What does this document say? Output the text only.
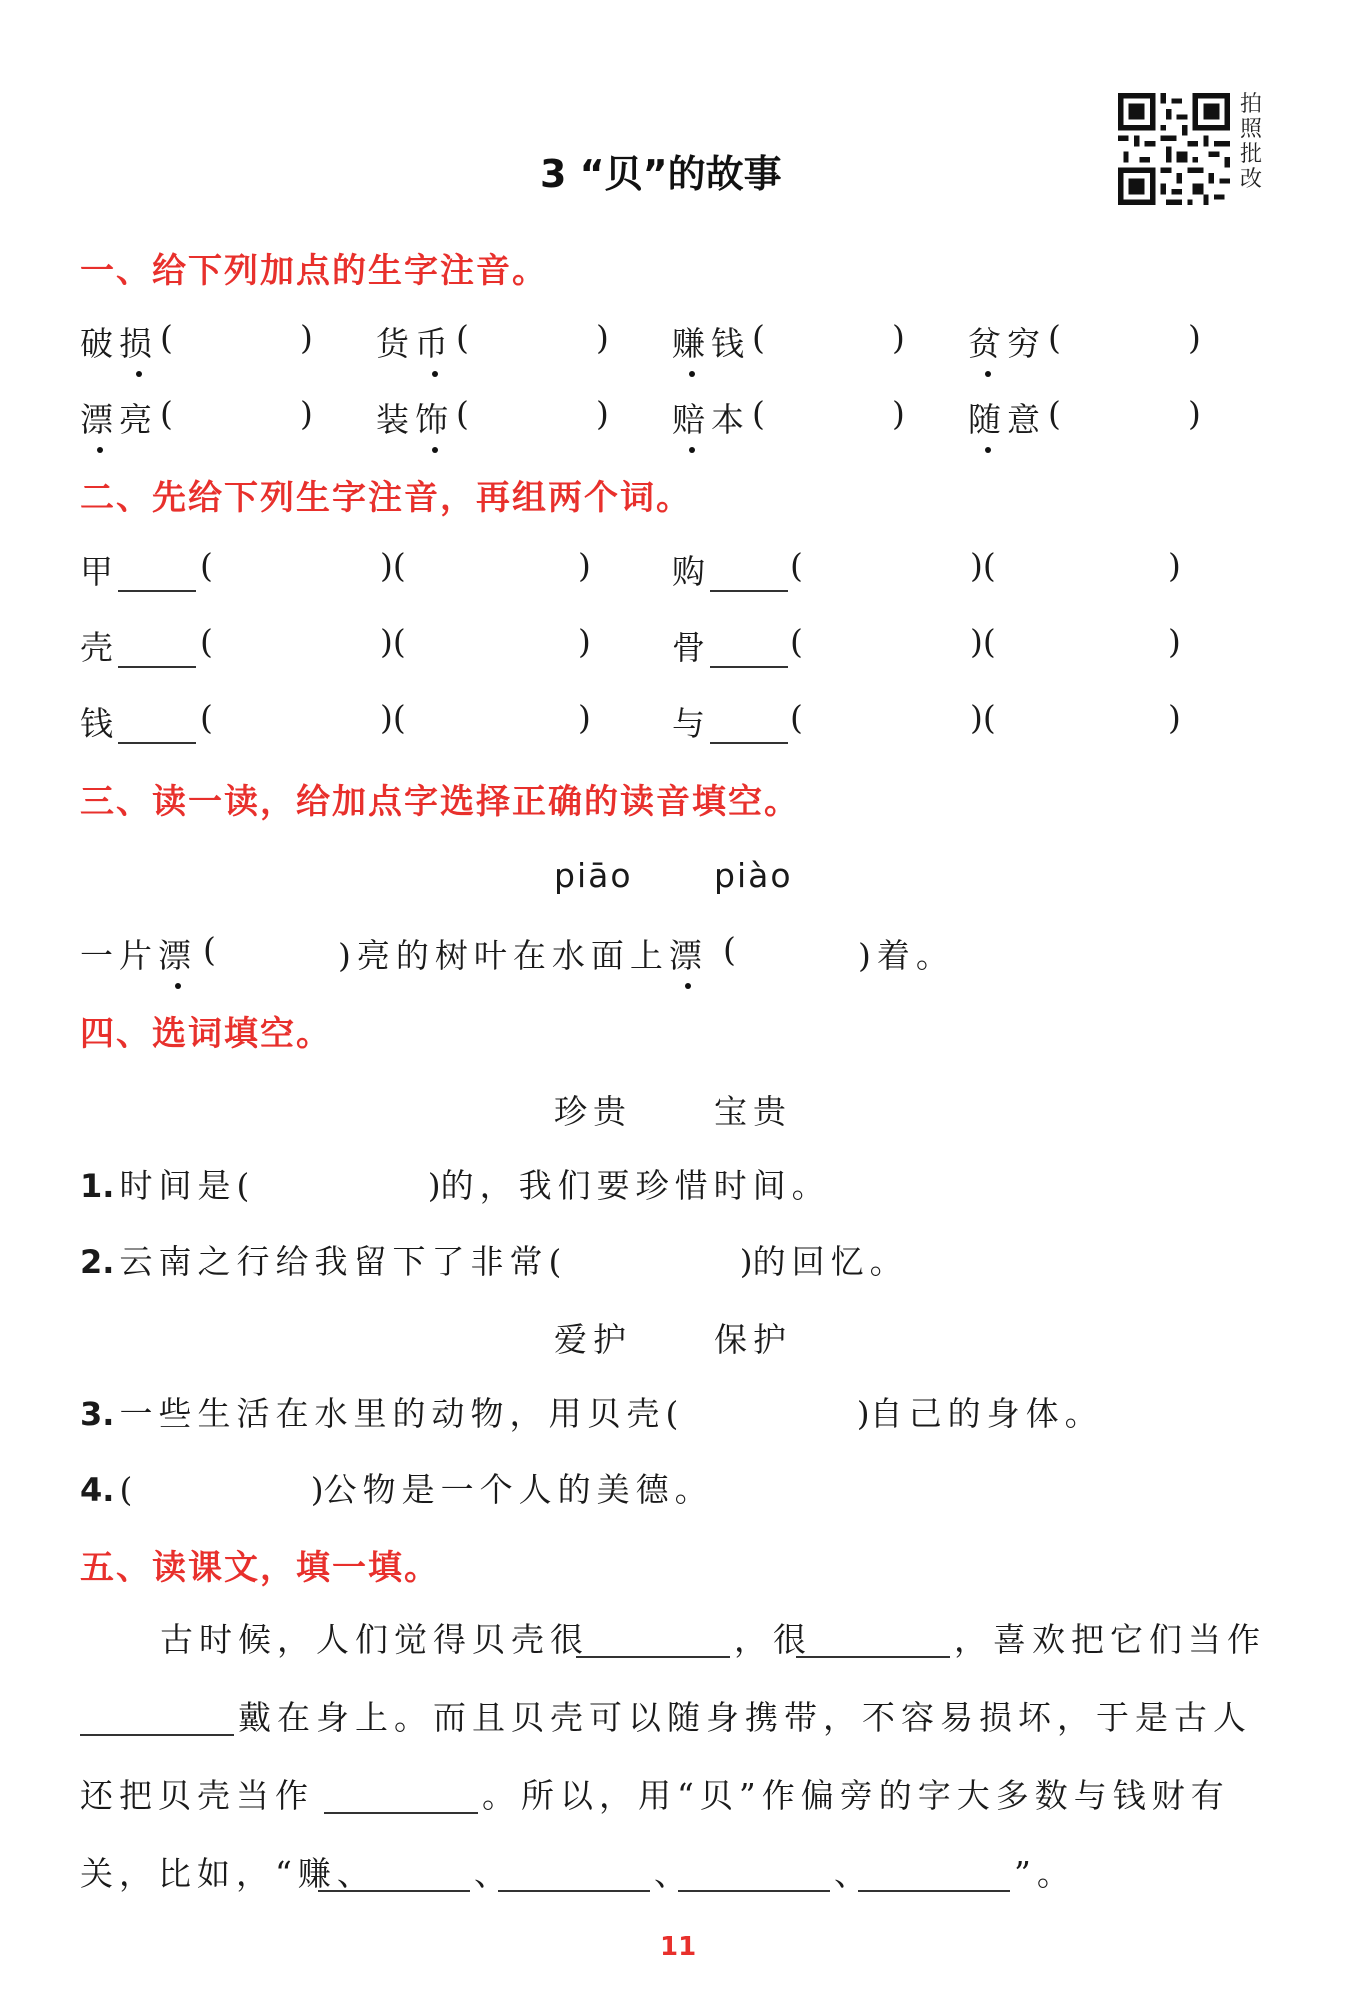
3 “贝”的故事
拍
照
批
改
一、给下列加点的生字注音。
破损 (	) 货币 (	) 赚钱 (	) 贫穷 (	)
漂亮 (	) 装饰 (	) 赔本 (	) 随意 (	)
二、先给下列生字注音，再组两个词。
甲 (	)(	) 购 (	)(	)
壳 (	)(	) 骨 (	)(	)
钱 (	)(	) 与 (	)(	)
三、读一读，给加点字选择正确的读音填空。
piāo piào
一片漂 (	)亮的树叶在水面上漂 (	)着。
四、选词填空。
珍贵 宝贵
1. 时间是(                 )的，我们要珍惜时间。
2. 云南之行给我留下了非常(                 )的回忆。
爱护 保护
3. 一些生活在水里的动物，用贝壳(                 )自己的身体。
4. (                 )公物是一个人的美德。
五、读课文，填一填。
古时候，人们觉得贝壳很	，很	，喜欢把它们当作
戴在身上。而且贝壳可以随身携带，不容易损坏，于是古人
还把贝壳当作	。所以，用“贝”作偏旁的字大多数与钱财有
关，比如，“赚、	、	、	、	”。
11
